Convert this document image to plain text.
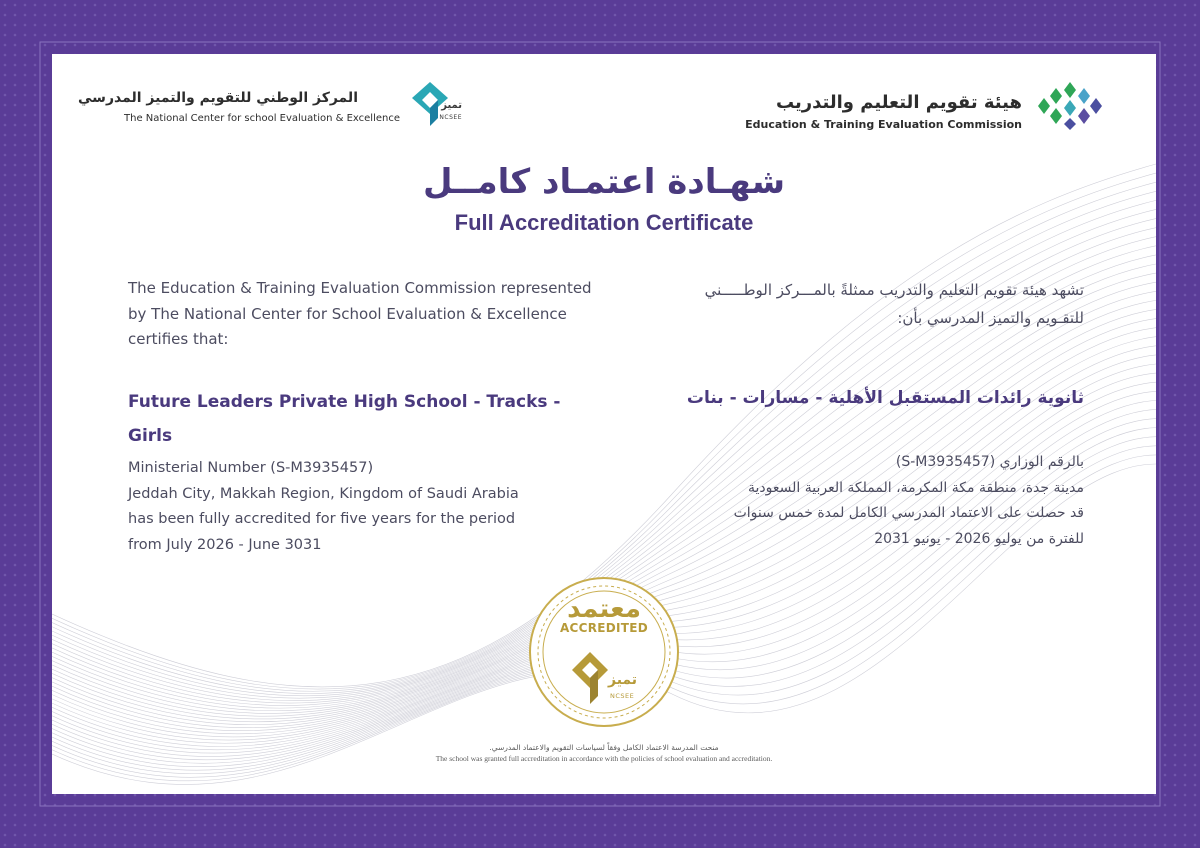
المركز الوطني للتقويم والتميز المدرسي
The National Center for school Evaluation & Excellence
تميز
NCSEE
هيئة تقويم التعليم والتدريب
Education & Training Evaluation Commission
شهـادة اعتمـاد كامــل
Full Accreditation Certificate
The Education & Training Evaluation Commission represented
by The National Center for School Evaluation & Excellence
certifies that:
تشهد هيئة تقويم التعليم والتدريب ممثلةً بالمـــركز الوطـــــني
للتقـويم والتميز المدرسي بأن:
Future Leaders Private High School - Tracks -
Girls
ثانوية رائدات المستقبل الأهلية - مسارات - بنات
Ministerial Number (S-M3935457)
Jeddah City, Makkah Region, Kingdom of Saudi Arabia
has been fully accredited for five years for the period
from July 2026 - June 3031
بالرقم الوزاري (S-M3935457)
مدينة جدة، منطقة مكة المكرمة، المملكة العربية السعودية
قد حصلت على الاعتماد المدرسي الكامل لمدة خمس سنوات
للفترة من يوليو 2026 - يونيو 2031
معتمد
ACCREDITED
تميز
NCSEE
منحت المدرسة الاعتماد الكامل وفقاً لسياسات التقويم والاعتماد المدرسي.
The school was granted full accreditation in accordance with the policies of school evaluation and accreditation.
